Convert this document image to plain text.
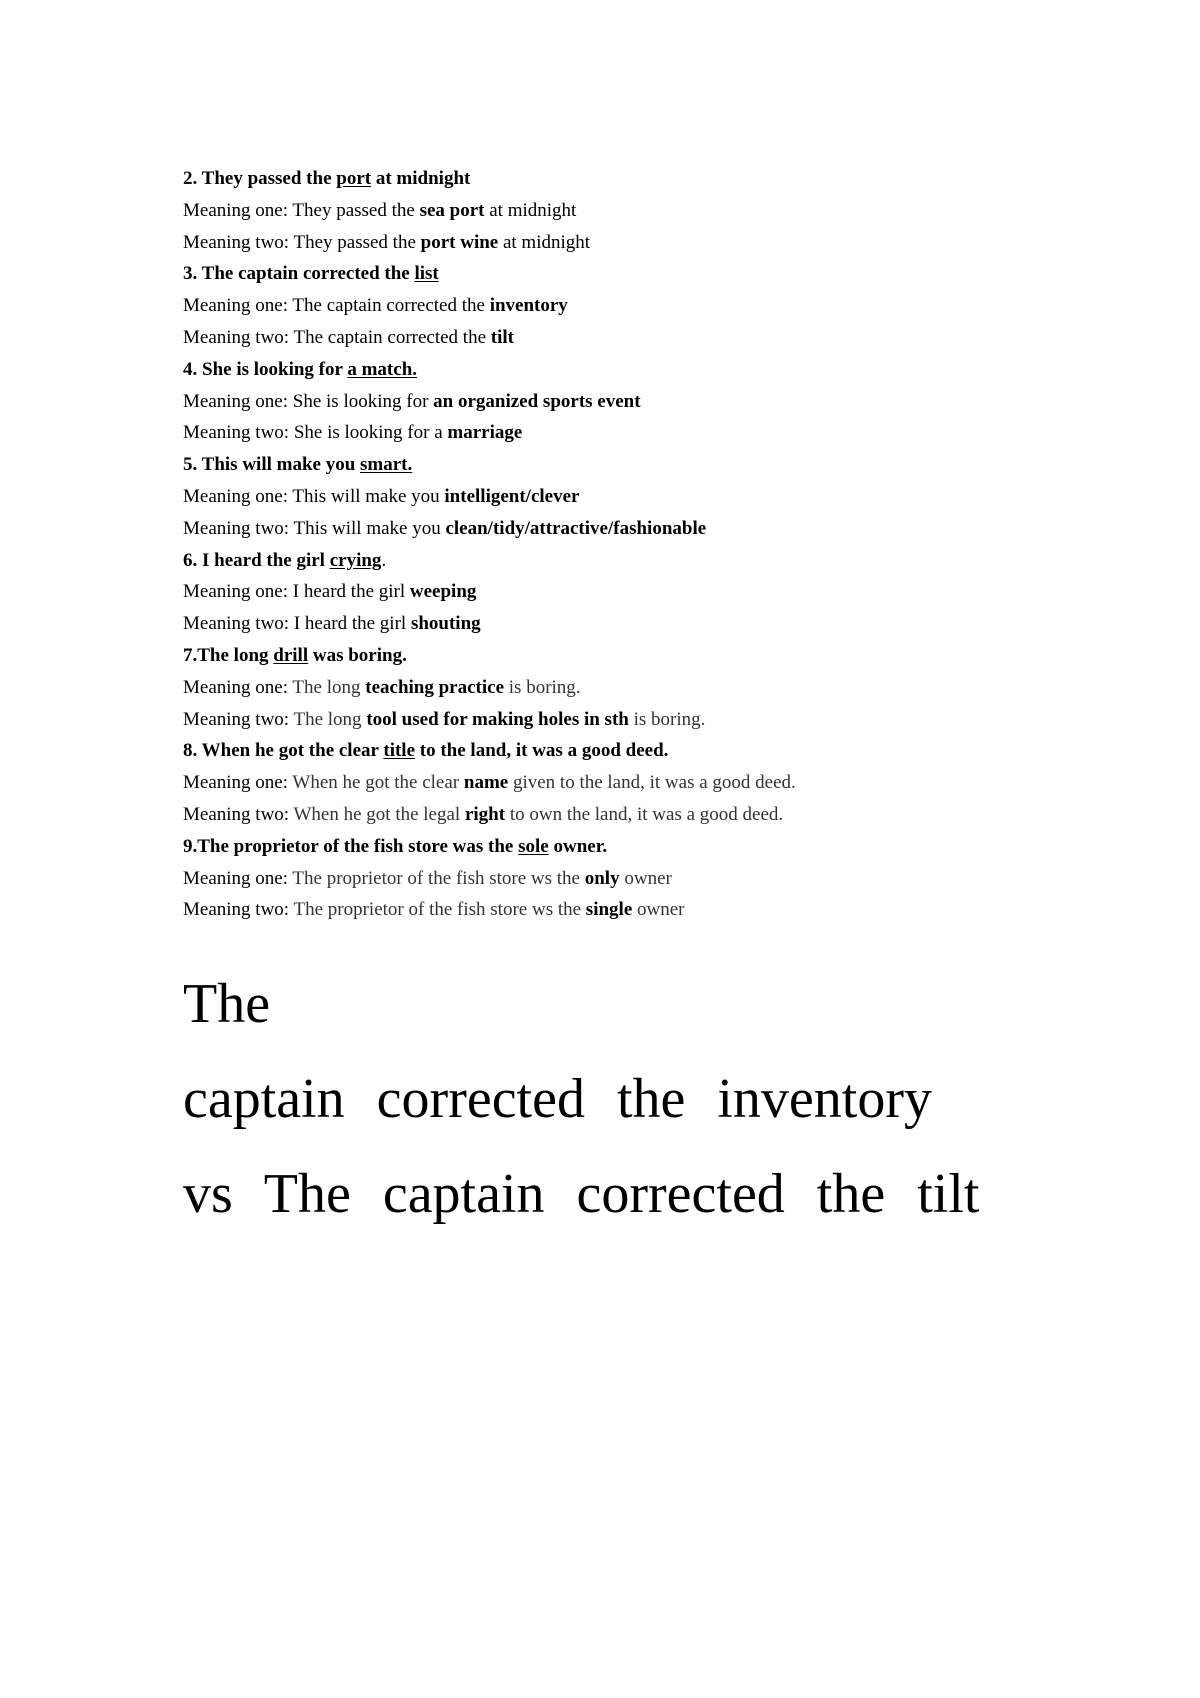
2. They passed the port at midnight
Meaning one: They passed the sea port at midnight
Meaning two: They passed the port wine at midnight
3. The captain corrected the list
Meaning one: The captain corrected the inventory
Meaning two: The captain corrected the tilt
4. She is looking for a match.
Meaning one: She is looking for an organized sports event
Meaning two: She is looking for a marriage
5. This will make you smart.
Meaning one: This will make you intelligent/clever
Meaning two: This will make you clean/tidy/attractive/fashionable
6. I heard the girl crying.
Meaning one: I heard the girl weeping
Meaning two: I heard the girl shouting
7.The long drill was boring.
Meaning one: The long teaching practice is boring.
Meaning two: The long tool used for making holes in sth is boring.
8. When he got the clear title to the land, it was a good deed.
Meaning one: When he got the clear name given to the land, it was a good deed.
Meaning two: When he got the legal right to own the land, it was a good deed.
9.The proprietor of the fish store was the sole owner.
Meaning one: The proprietor of the fish store ws the only owner
Meaning two: The proprietor of the fish store ws the single owner
The
captain corrected the inventory
vs The captain corrected the tilt
